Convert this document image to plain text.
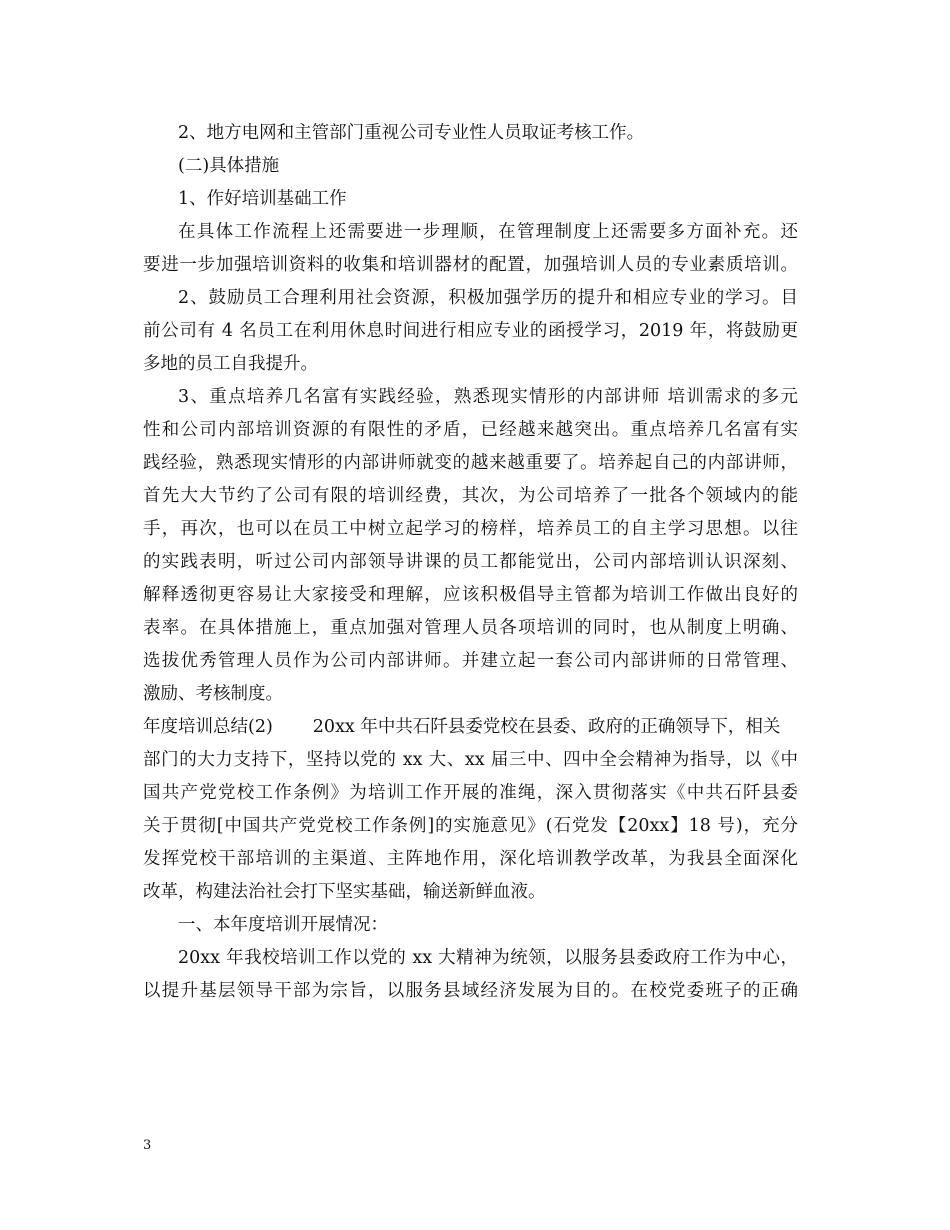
2、地方电网和主管部门重视公司专业性人员取证考核工作。
(二)具体措施
1、作好培训基础工作
在具体工作流程上还需要进一步理顺，在管理制度上还需要多方面补充。还
要进一步加强培训资料的收集和培训器材的配置，加强培训人员的专业素质培训。
2、鼓励员工合理利用社会资源，积极加强学历的提升和相应专业的学习。目
前公司有 4 名员工在利用休息时间进行相应专业的函授学习，2019 年，将鼓励更
多地的员工自我提升。
3、重点培养几名富有实践经验，熟悉现实情形的内部讲师 培训需求的多元
性和公司内部培训资源的有限性的矛盾，已经越来越突出。重点培养几名富有实
践经验，熟悉现实情形的内部讲师就变的越来越重要了。培养起自己的内部讲师，
首先大大节约了公司有限的培训经费，其次，为公司培养了一批各个领域内的能
手，再次，也可以在员工中树立起学习的榜样，培养员工的自主学习思想。以往
的实践表明，听过公司内部领导讲课的员工都能觉出，公司内部培训认识深刻、
解释透彻更容易让大家接受和理解，应该积极倡导主管都为培训工作做出良好的
表率。在具体措施上，重点加强对管理人员各项培训的同时，也从制度上明确、
选拔优秀管理人员作为公司内部讲师。并建立起一套公司内部讲师的日常管理、
激励、考核制度。
年度培训总结(2) 20xx 年中共石阡县委党校在县委、政府的正确领导下，相关
部门的大力支持下，坚持以党的 xx 大、xx 届三中、四中全会精神为指导，以《中
国共产党党校工作条例》为培训工作开展的准绳，深入贯彻落实《中共石阡县委
关于贯彻[中国共产党党校工作条例]的实施意见》(石党发【20xx】18 号)，充分
发挥党校干部培训的主渠道、主阵地作用，深化培训教学改革，为我县全面深化
改革，构建法治社会打下坚实基础，输送新鲜血液。
一、本年度培训开展情况：
20xx 年我校培训工作以党的 xx 大精神为统领，以服务县委政府工作为中心，
以提升基层领导干部为宗旨，以服务县域经济发展为目的。在校党委班子的正确
3
